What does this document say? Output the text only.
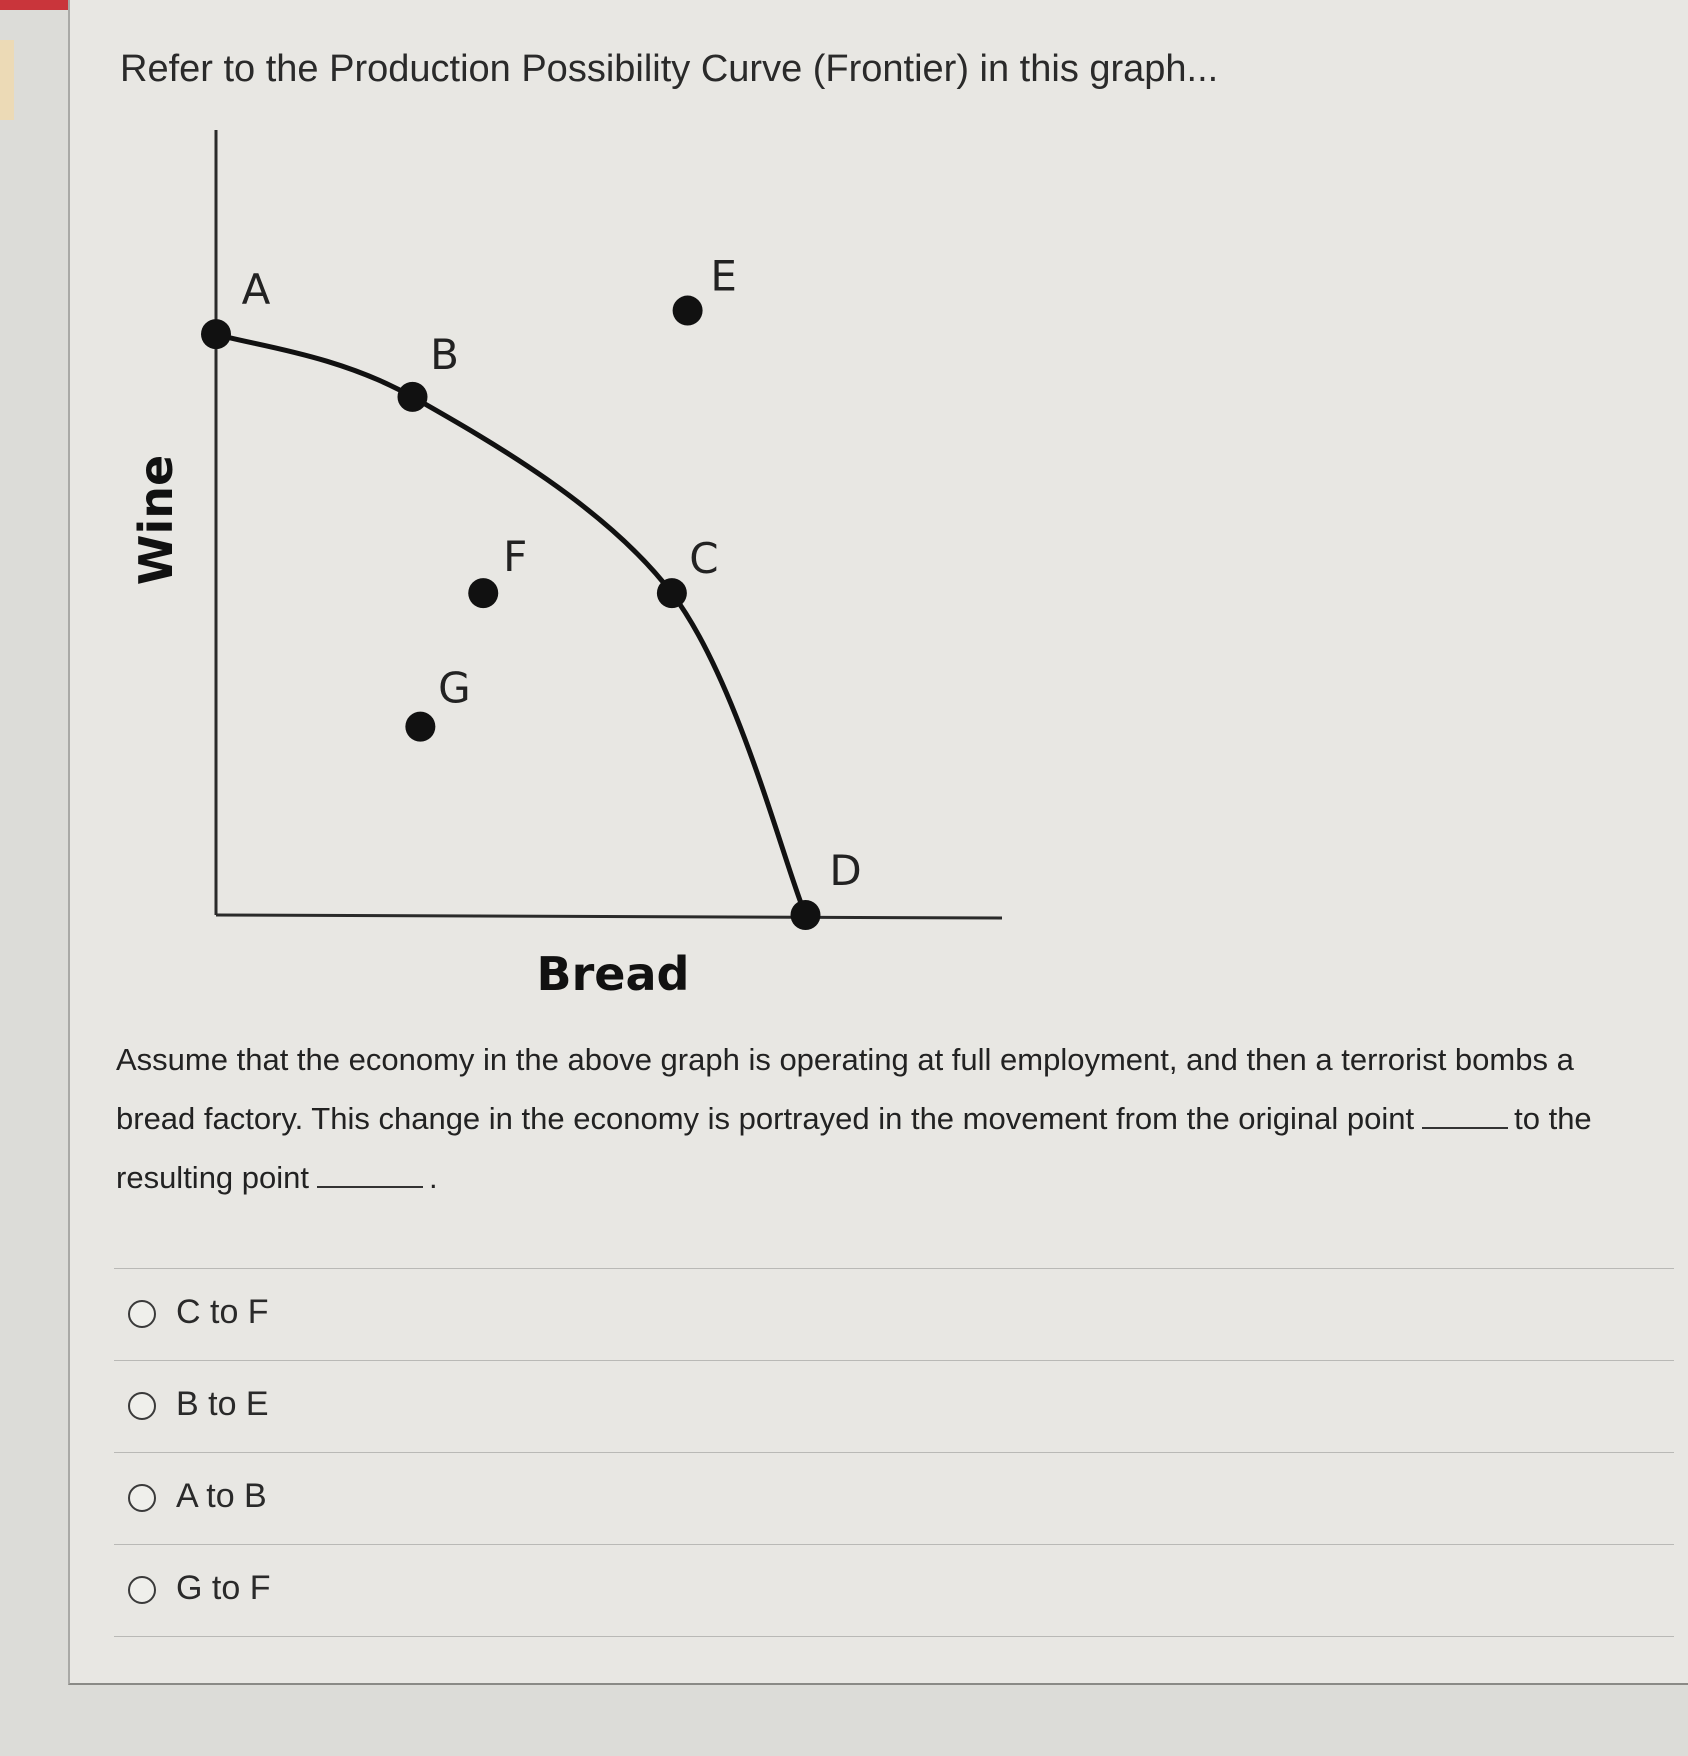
Refer to the Production Possibility Curve (Frontier) in this graph...
A
B
C
D
E
F
G
Wine
Bread
Assume that the economy in the above graph is operating at full employment, and then a terrorist bombs a bread factory. This change in the economy is portrayed in the movement from the original point	to the resulting point	.
C to F
B to E
A to B
G to F
